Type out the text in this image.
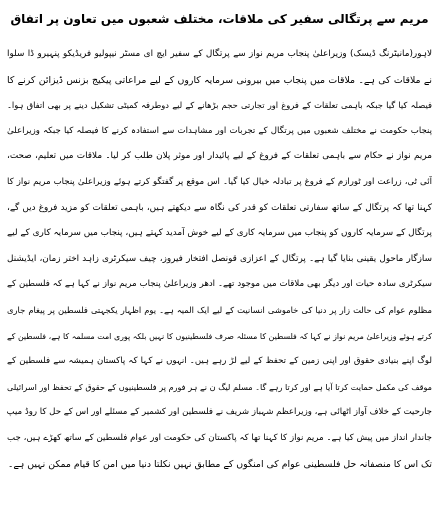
مریم سے پرتگالی سفیر کی ملاقات، مختلف شعبوں میں تعاون پر اتفاق
لاہور(مانیٹرنگ ڈیسک) وزیراعلیٰ پنجاب مریم نواز سے پرتگال کے سفیر ایچ ای مسٹر نیپولیو فریڈیکو پنہیرو ڈا سلوا
نے ملاقات کی ہے۔ ملاقات میں پنجاب میں بیرونی سرمایہ کاروں کے لیے مراعاتی پیکیج بزنس ڈیزائن کرنے کا
فیصلہ کیا گیا جبکہ باہمی تعلقات کے فروغ اور تجارتی حجم بڑھانے کے لیے دوطرفہ کمیٹی تشکیل دینے پر بھی اتفاق ہوا۔
پنجاب حکومت نے مختلف شعبوں میں پرتگال کے تجربات اور مشاہدات سے استفادہ کرنے کا فیصلہ کیا جبکہ وزیراعلیٰ
مریم نواز نے حکام سے باہمی تعلقات کے فروغ کے لیے پائیدار اور موثر پلان طلب کر لیا۔ ملاقات میں تعلیم، صحت،
آئی ٹی، زراعت اور ٹورازم کے فروغ پر تبادلہ خیال کیا گیا۔ اس موقع پر گفتگو کرتے ہوئے وزیراعلیٰ پنجاب مریم نواز کا
کہنا تھا کہ پرتگال کے ساتھ سفارتی تعلقات کو قدر کی نگاہ سے دیکھتے ہیں، باہمی تعلقات کو مزید فروغ دیں گے،
پرتگال کے سرمایہ کاروں کو پنجاب میں سرمایہ کاری کے لیے خوش آمدید کہتے ہیں، پنجاب میں سرمایہ کاری کے لیے
سازگار ماحول یقینی بنایا گیا ہے۔ پرتگال کے اعزازی قونصل افتخار فیروز، چیف سیکرٹری زاہد اختر زمان، ایڈیشنل
سیکرٹری سادہ حیات اور دیگر بھی ملاقات میں موجود تھے۔ ادھر وزیراعلیٰ پنجاب مریم نواز نے کہا ہے کہ فلسطین کے
مظلوم عوام کی حالت زار پر دنیا کی خاموشی انسانیت کے لیے ایک المیہ ہے۔ یوم اظہار یکجہتی فلسطین پر پیغام جاری
کرتے ہوئے وزیراعلیٰ مریم نواز نے کہا کہ فلسطین کا مسئلہ صرف فلسطینیوں کا نہیں بلکہ پوری امت مسلمہ کا ہے، فلسطین کے
لوگ اپنے بنیادی حقوق اور اپنی زمین کے تحفظ کے لیے لڑ رہے ہیں۔ انہوں نے کہا کہ پاکستان ہمیشہ سے فلسطین کے
موقف کی مکمل حمایت کرتا آیا ہے اور کرتا رہے گا۔ مسلم لیگ ن نے ہر فورم پر فلسطینیوں کے حقوق کے تحفظ اور اسرائیلی
جارحیت کے خلاف آواز اٹھائی ہے، وزیراعظم شہباز شریف نے فلسطین اور کشمیر کے مسئلے اور اس کے حل کا روڈ میپ
جاندار انداز میں پیش کیا ہے۔ مریم نواز کا کہنا تھا کہ پاکستان کی حکومت اور عوام فلسطین کے ساتھ کھڑے ہیں، جب
تک اس کا منصفانہ حل فلسطینی عوام کی امنگوں کے مطابق نہیں نکلتا دنیا میں امن کا قیام ممکن نہیں ہے۔
